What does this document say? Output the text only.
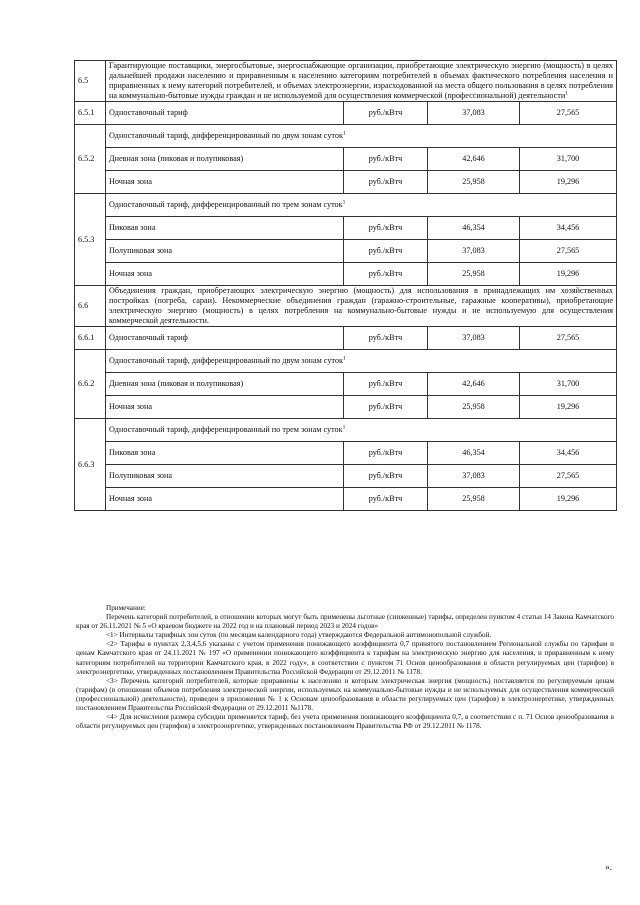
6.5	Гарантирующие поставщики, энергосбытовые, энергоснабжающие организации, приобретающие электрическую энергию (мощность) в целях дальнейшей продажи населению и приравненным к населению категориям потребителей в объемах фактического потребления населения и приравненных к нему категорий потребителей, и объемах электроэнергии, израсходованной на места общего пользования в целях потребления на коммунально-бытовые нужды граждан и не используемой для осуществления коммерческой (профессиональной) деятельности$^1$
6.5.1	Одноставочный тариф	руб./кВтч	37,083	27,565
6.5.2	Одноставочный тариф, дифференцированный по двум зонам суток$^1$
	Дневная зона (пиковая и полупиковая)	руб./кВтч	42,646	31,700
	Ночная зона	руб./кВтч	25,958	19,296
6.5.3	Одноставочный тариф, дифференцированный по трем зонам суток$^1$
	Пиковая зона	руб./кВтч	46,354	34,456
	Полупиковая зона	руб./кВтч	37,083	27,565
	Ночная зона	руб./кВтч	25,958	19,296
6.6	Объединения граждан, приобретающих электрическую энергию (мощность) для использования в принадлежащих им хозяйственных постройках (погреба, сараи). Некоммерческие объединения граждан (гаражно-строительные, гаражные кооперативы), приобретающие электрическую энергию (мощность) в целях потребления на коммунально-бытовые нужды и не используемую для осуществления коммерческой деятельности.			
6.6.1	Одноставочный тариф	руб./кВтч	37,083	27,565
6.6.2	Одноставочный тариф, дифференцированный по двум зонам суток$^1$
	Дневная зона (пиковая и полупиковая)	руб./кВтч	42,646	31,700
	Ночная зона	руб./кВтч	25,958	19,296
6.6.3	Одноставочный тариф, дифференцированный по трем зонам суток$^1$
	Пиковая зона	руб./кВтч	46,354	34,456
	Полупиковая зона	руб./кВтч	37,083	27,565
	Ночная зона	руб./кВтч	25,958	19,296

Примечание:

Перечень категорий потребителей, в отношении которых могут быть применены льготные (сниженные) тарифы, определен пунктом 4 статьи 14 Закона Камчатского края от 26.11.2021 № 5 «О краевом бюджете на 2022 год и на плановый период 2023 и 2024 годов»

<1> Интервалы тарифных зон суток (по месяцам календарного года) утверждаются Федеральной антимонопольной службой.

<2> Тарифы в пунктах 2,3,4,5,6 указаны с учетом применения понижающего коэффициента 0,7 принятого постановлением Региональной службы по тарифам и ценам Камчатского края от 24.11.2021 № 197 «О применении понижающего коэффициента к тарифам на электрическую энергию для населения, и приравненным к нему категориям потребителей на территории Камчатского края, в 2022 году», в соответствии с пунктом 71 Основ ценообразования в области регулируемых цен (тарифов) в электроэнергетике, утвержденных постановлением Правительства Российской Федерации от 29.12.2011 № 1178.

<3> Перечень категорий потребителей, которые приравнены к населению и которым электрическая энергия (мощность) поставляется по регулируемым ценам (тарифам) (в отношении объемов потребления электрической энергии, используемых на коммунально-бытовые нужды и не используемых для осуществления коммерческой (профессиональной) деятельности), приведен в приложении № 1 к Основам ценообразования в области регулируемых цен (тарифов) в электроэнергетике, утвержденных постановлением Правительства Российской Федерации от 29.12.2011 №1178.

<4> Для исчисления размера субсидии применяется тариф, без учета применения понижающего коэффициента 0,7, в соответствии с п. 71 Основ ценообразования в области регулируемых цен (тарифов) в электроэнергетике, утвержденных постановлением Правительства РФ от 29.12.2011 № 1178.

».
